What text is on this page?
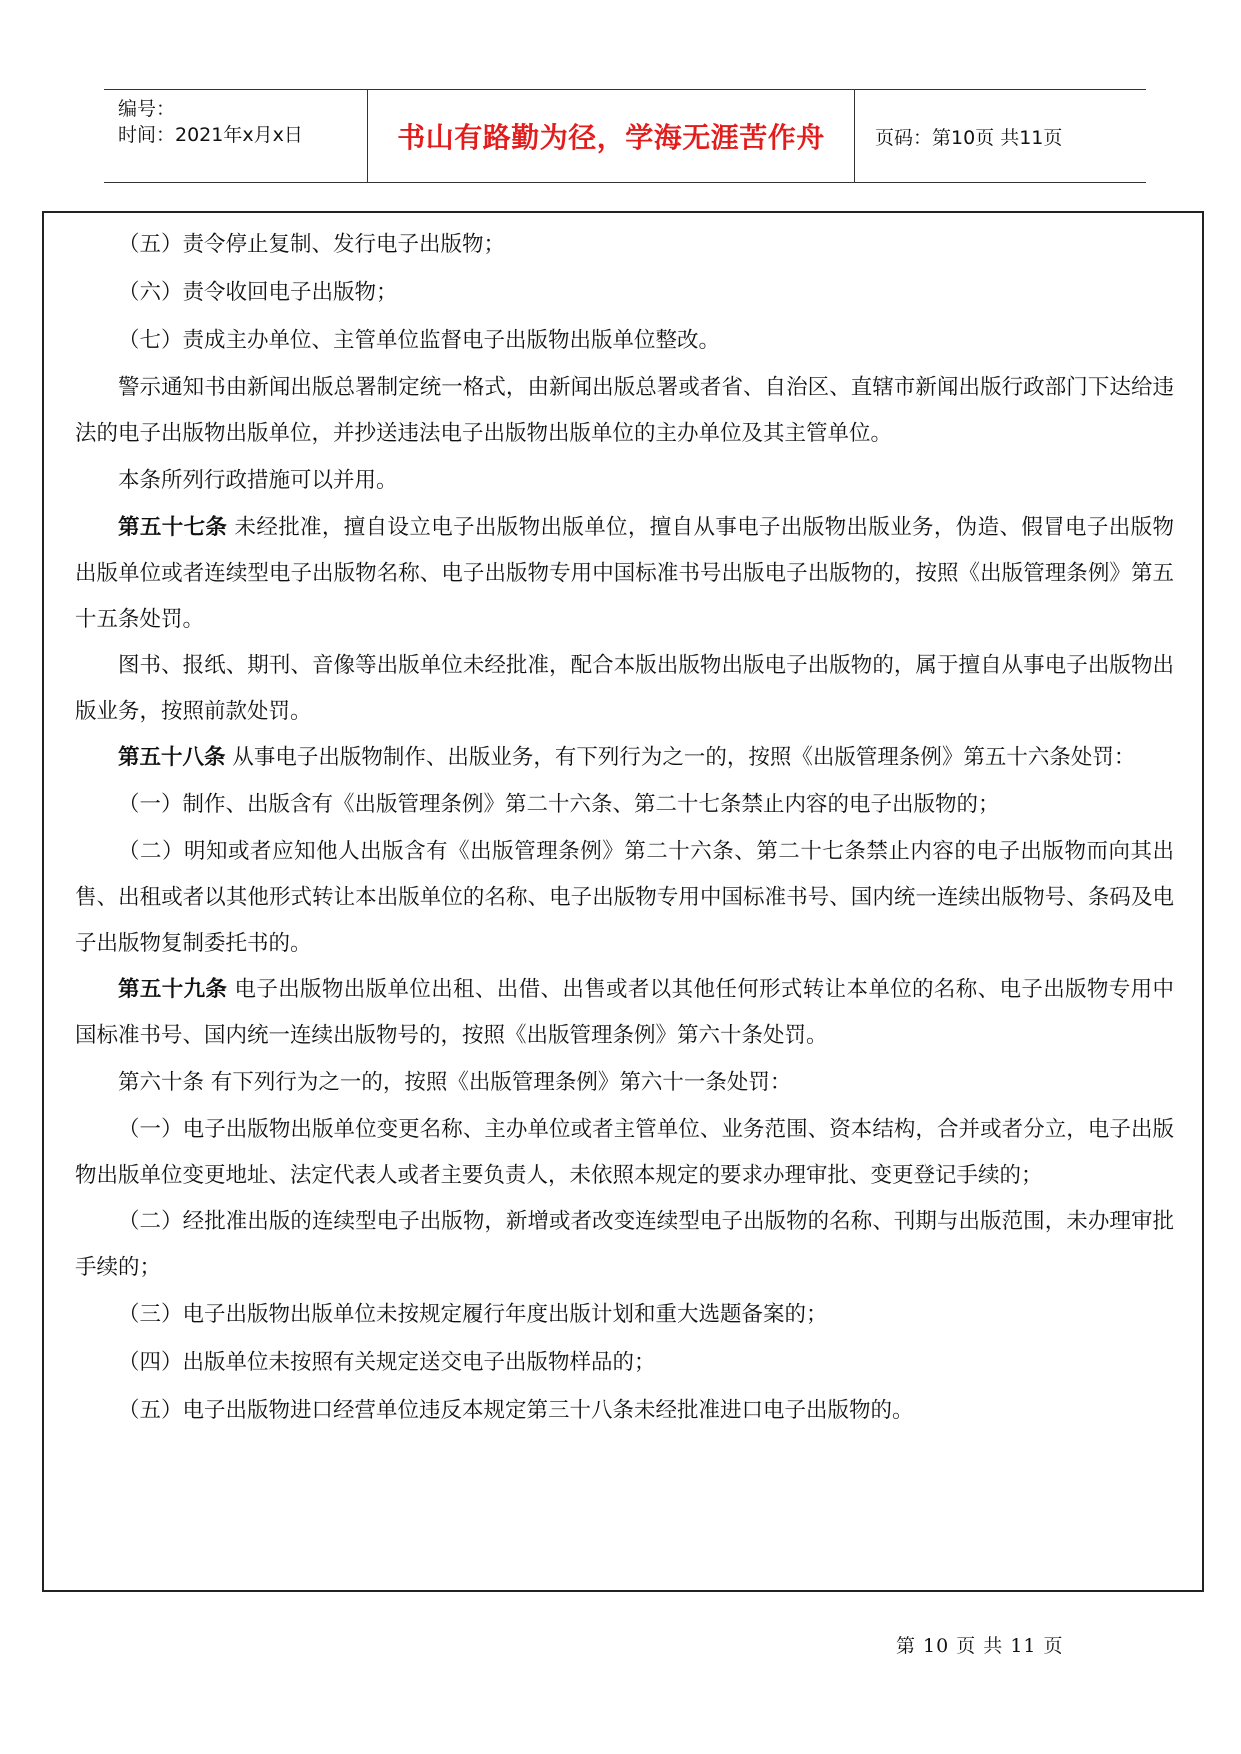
编号：
时间：2021年x月x日	书山有路勤为径，学海无涯苦作舟	页码：第10页 共11页

（五）责令停止复制、发行电子出版物；

（六）责令收回电子出版物；

（七）责成主办单位、主管单位监督电子出版物出版单位整改。

警示通知书由新闻出版总署制定统一格式，由新闻出版总署或者省、自治区、直辖市新闻出版行政部门下达给违法的电子出版物出版单位，并抄送违法电子出版物出版单位的主办单位及其主管单位。

本条所列行政措施可以并用。

第五十七条 未经批准，擅自设立电子出版物出版单位，擅自从事电子出版物出版业务，伪造、假冒电子出版物出版单位或者连续型电子出版物名称、电子出版物专用中国标准书号出版电子出版物的，按照《出版管理条例》第五十五条处罚。

图书、报纸、期刊、音像等出版单位未经批准，配合本版出版物出版电子出版物的，属于擅自从事电子出版物出版业务，按照前款处罚。

第五十八条 从事电子出版物制作、出版业务，有下列行为之一的，按照《出版管理条例》第五十六条处罚：

（一）制作、出版含有《出版管理条例》第二十六条、第二十七条禁止内容的电子出版物的；

（二）明知或者应知他人出版含有《出版管理条例》第二十六条、第二十七条禁止内容的电子出版物而向其出售、出租或者以其他形式转让本出版单位的名称、电子出版物专用中国标准书号、国内统一连续出版物号、条码及电子出版物复制委托书的。

第五十九条 电子出版物出版单位出租、出借、出售或者以其他任何形式转让本单位的名称、电子出版物专用中国标准书号、国内统一连续出版物号的，按照《出版管理条例》第六十条处罚。

第六十条 有下列行为之一的，按照《出版管理条例》第六十一条处罚：

（一）电子出版物出版单位变更名称、主办单位或者主管单位、业务范围、资本结构，合并或者分立，电子出版物出版单位变更地址、法定代表人或者主要负责人，未依照本规定的要求办理审批、变更登记手续的；

（二）经批准出版的连续型电子出版物，新增或者改变连续型电子出版物的名称、刊期与出版范围，未办理审批手续的；

（三）电子出版物出版单位未按规定履行年度出版计划和重大选题备案的；

（四）出版单位未按照有关规定送交电子出版物样品的；

（五）电子出版物进口经营单位违反本规定第三十八条未经批准进口电子出版物的。

第 10 页 共 11 页
